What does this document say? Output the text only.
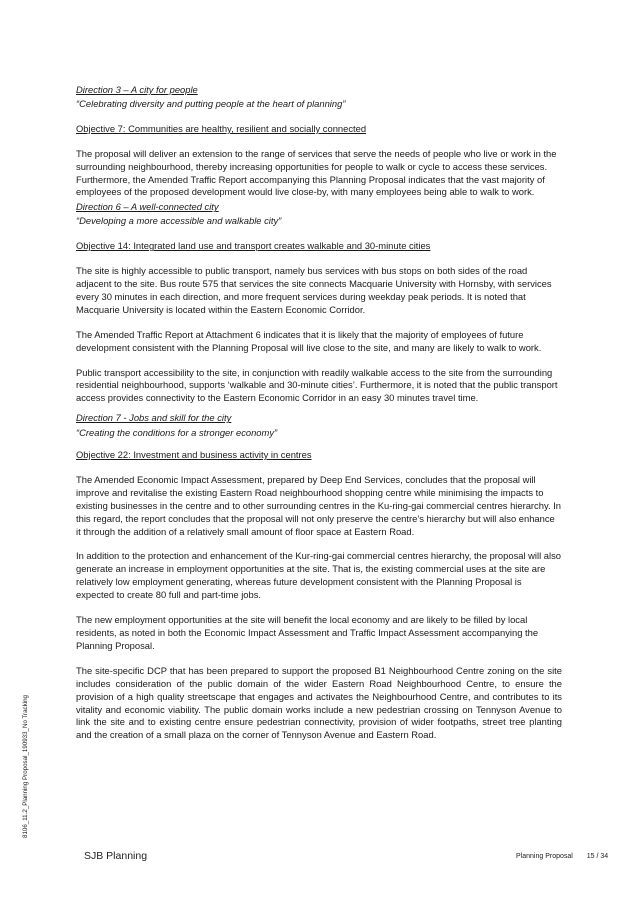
8106_11.2_Planning Proposal_190933_No Tracking

Direction 3 – A city for people

“Celebrating diversity and putting people at the heart of planning”

Objective 7: Communities are healthy, resilient and socially connected

The proposal will deliver an extension to the range of services that serve the needs of people who live or work in the surrounding neighbourhood, thereby increasing opportunities for people to walk or cycle to access these services. Furthermore, the Amended Traffic Report accompanying this Planning Proposal indicates that the vast majority of employees of the proposed development would live close-by, with many employees being able to walk to work.

Direction 6 – A well-connected city

“Developing a more accessible and walkable city”

Objective 14: Integrated land use and transport creates walkable and 30-minute cities

The site is highly accessible to public transport, namely bus services with bus stops on both sides of the road adjacent to the site. Bus route 575 that services the site connects Macquarie University with Hornsby, with services every 30 minutes in each direction, and more frequent services during weekday peak periods. It is noted that Macquarie University is located within the Eastern Economic Corridor.

The Amended Traffic Report at Attachment 6 indicates that it is likely that the majority of employees of future development consistent with the Planning Proposal will live close to the site, and many are likely to walk to work.

Public transport accessibility to the site, in conjunction with readily walkable access to the site from the surrounding residential neighbourhood, supports ‘walkable and 30-minute cities’. Furthermore, it is noted that the public transport access provides connectivity to the Eastern Economic Corridor in an easy 30 minutes travel time.

Direction 7 - Jobs and skill for the city

“Creating the conditions for a stronger economy”

Objective 22: Investment and business activity in centres

The Amended Economic Impact Assessment, prepared by Deep End Services, concludes that the proposal will improve and revitalise the existing Eastern Road neighbourhood shopping centre while minimising the impacts to existing businesses in the centre and to other surrounding centres in the Ku-ring-gai commercial centres hierarchy. In this regard, the report concludes that the proposal will not only preserve the centre’s hierarchy but will also enhance it through the addition of a relatively small amount of floor space at Eastern Road.

In addition to the protection and enhancement of the Kur-ring-gai commercial centres hierarchy, the proposal will also generate an increase in employment opportunities at the site. That is, the existing commercial uses at the site are relatively low employment generating, whereas future development consistent with the Planning Proposal is expected to create 80 full and part-time jobs.

The new employment opportunities at the site will benefit the local economy and are likely to be filled by local residents, as noted in both the Economic Impact Assessment and Traffic Impact Assessment accompanying the Planning Proposal.

The site-specific DCP that has been prepared to support the proposed B1 Neighbourhood Centre zoning on the site includes consideration of the public domain of the wider Eastern Road Neighbourhood Centre, to ensure the provision of a high quality streetscape that engages and activates the Neighbourhood Centre, and contributes to its vitality and economic viability. The public domain works include a new pedestrian crossing on Tennyson Avenue to link the site and to existing centre ensure pedestrian connectivity, provision of wider footpaths, street tree planting and the creation of a small plaza on the corner of Tennyson Avenue and Eastern Road.

SJB Planning	Planning Proposal 15 / 34
